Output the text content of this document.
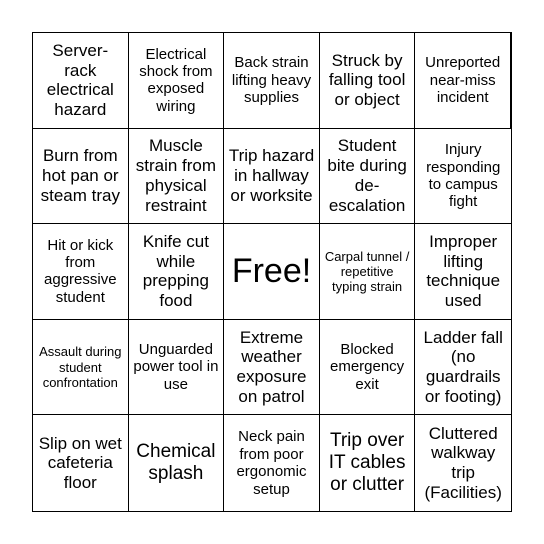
Server-rack electrical hazard
Electrical shock from exposed wiring
Back strain lifting heavy supplies
Struck by falling tool or object
Unreported near-miss incident
Burn from hot pan or steam tray
Muscle strain from physical restraint
Trip hazard in hallway or worksite
Student bite during de-escalation
Injury responding to campus fight
Hit or kick from aggressive student
Knife cut while prepping food
Free!	Carpal tunnel / repetitive typing strain
Improper lifting technique used
Assault during student confrontation
Unguarded power tool in use
Extreme weather exposure on patrol
Blocked emergency exit
Ladder fall (no guardrails or footing)
Slip on wet cafeteria floor
Chemical splash
Neck pain from poor ergonomic setup
Trip over IT cables or clutter
Cluttered walkway trip (Facilities)
